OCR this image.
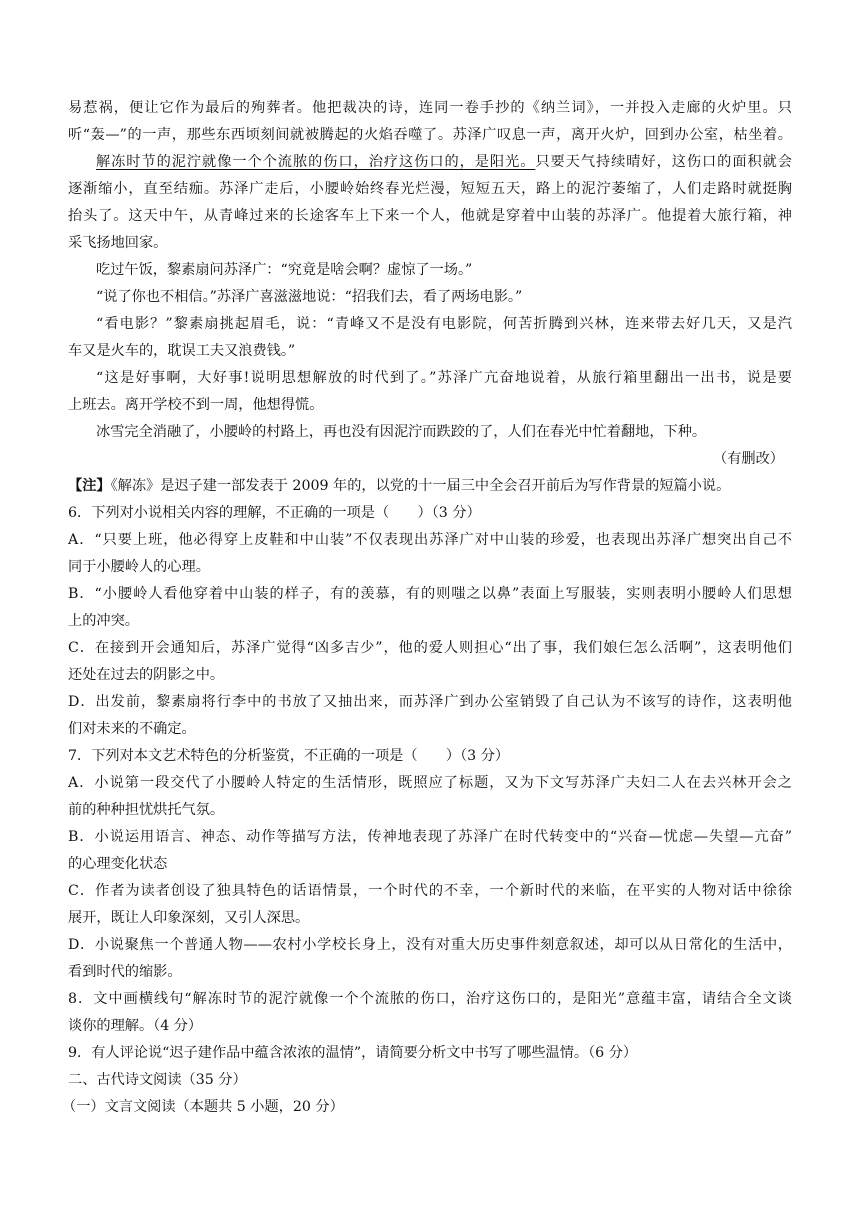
易惹祸，便让它作为最后的殉葬者。他把裁决的诗，连同一卷手抄的《纳兰词》，一并投入走廊的火炉里。只
听“轰—”的一声，那些东西顷刻间就被腾起的火焰吞噬了。苏泽广叹息一声，离开火炉，回到办公室，枯坐着。
解冻时节的泥泞就像一个个流脓的伤口，治疗这伤口的，是阳光。只要天气持续晴好，这伤口的面积就会
逐渐缩小，直至结痂。苏泽广走后，小腰岭始终春光烂漫，短短五天，路上的泥泞萎缩了，人们走路时就挺胸
抬头了。这天中午，从青峰过来的长途客车上下来一个人，他就是穿着中山装的苏泽广。他提着大旅行箱，神
采飞扬地回家。
吃过午饭，黎素扇问苏泽广：“究竟是啥会啊？虚惊了一场。”
“说了你也不相信。”苏泽广喜滋滋地说：“招我们去，看了两场电影。”
“看电影？”黎素扇挑起眉毛，说：“青峰又不是没有电影院，何苦折腾到兴林，连来带去好几天，又是汽
车又是火车的，耽误工夫又浪费钱。”
“这是好事啊，大好事!说明思想解放的时代到了。”苏泽广亢奋地说着，从旅行箱里翻出一出书，说是要
上班去。离开学校不到一周，他想得慌。
冰雪完全消融了，小腰岭的村路上，再也没有因泥泞而跌跤的了，人们在春光中忙着翻地，下种。
（有删改）
【注】《解冻》是迟子建一部发表于 2009 年的，以党的十一届三中全会召开前后为写作背景的短篇小说。
6．下列对小说相关内容的理解，不正确的一项是（　　）（3 分）
A．“只要上班，他必得穿上皮鞋和中山装”不仅表现出苏泽广对中山装的珍爱，也表现出苏泽广想突出自己不
同于小腰岭人的心理。
B．“小腰岭人看他穿着中山装的样子，有的羡慕，有的则嗤之以鼻”表面上写服装，实则表明小腰岭人们思想
上的冲突。
C．在接到开会通知后，苏泽广觉得“凶多吉少”，他的爱人则担心“出了事，我们娘仨怎么活啊”，这表明他们
还处在过去的阴影之中。
D．出发前，黎素扇将行李中的书放了又抽出来，而苏泽广到办公室销毁了自己认为不该写的诗作，这表明他
们对未来的不确定。
7．下列对本文艺术特色的分析鉴赏，不正确的一项是（　　）（3 分）
A．小说第一段交代了小腰岭人特定的生活情形，既照应了标题，又为下文写苏泽广夫妇二人在去兴林开会之
前的种种担忧烘托气氛。
B．小说运用语言、神态、动作等描写方法，传神地表现了苏泽广在时代转变中的“兴奋—忧虑—失望—亢奋”
的心理变化状态
C．作者为读者创设了独具特色的话语情景，一个时代的不幸，一个新时代的来临，在平实的人物对话中徐徐
展开，既让人印象深刻，又引人深思。
D．小说聚焦一个普通人物——农村小学校长身上，没有对重大历史事件刻意叙述，却可以从日常化的生活中，
看到时代的缩影。
8．文中画横线句“解冻时节的泥泞就像一个个流脓的伤口，治疗这伤口的，是阳光”意蕴丰富，请结合全文谈
谈你的理解。（4 分）
9．有人评论说“迟子建作品中蕴含浓浓的温情”，请简要分析文中书写了哪些温情。（6 分）
二、古代诗文阅读（35 分）
（一）文言文阅读（本题共 5 小题，20 分）
